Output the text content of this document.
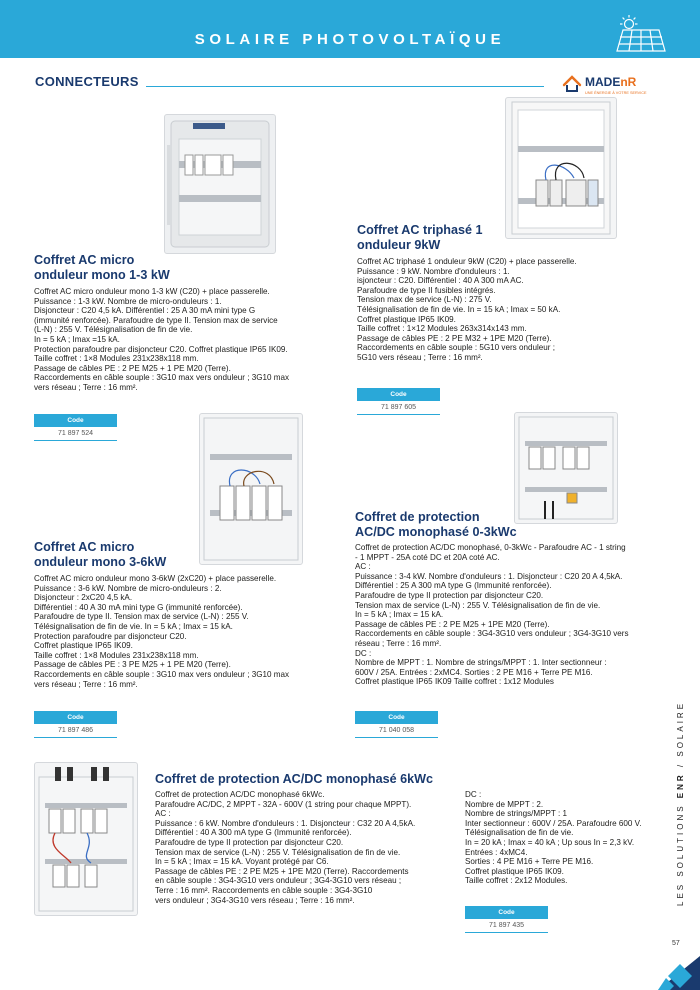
SOLAIRE PHOTOVOLTAÏQUE
CONNECTEURS	MADEnR
UNE ÉNERGIE À VOTRE SERVICE
Coffret AC micro
onduleur mono 1-3 kW
Coffret AC micro onduleur mono 1-3 kW (C20) + place passerelle.
Puissance : 1-3 kW. Nombre de micro-onduleurs : 1.
Disjoncteur : C20 4,5 kA. Différentiel : 25 A 30 mA mini type G
(immunité renforcée). Parafoudre de type II. Tension max de service
(L-N) : 255 V. Télésignalisation de fin de vie.
In = 5 kA ; Imax =15 kA.
Protection parafoudre par disjoncteur C20. Coffret plastique IP65 IK09.
Taille coffret : 1×8 Modules 231x238x118 mm.
Passage de câbles PE : 2 PE M25 + 1 PE M20 (Terre).
Raccordements en câble souple : 3G10 max vers onduleur ; 3G10 max
vers réseau ; Terre : 16 mm².
Code
71 897 524
Coffret AC triphasé 1
onduleur 9kW
Coffret AC triphasé 1 onduleur 9kW (C20) + place passerelle.
Puissance : 9 kW. Nombre d'onduleurs : 1.
isjoncteur : C20. Différentiel : 40 A 300 mA AC.
Parafoudre de type II fusibles intégrés.
Tension max de service (L-N) : 275 V.
Télésignalisation de fin de vie. In = 15 kA ; Imax = 50 kA.
Coffret plastique IP65 IK09.
Taille coffret : 1×12 Modules 263x314x143 mm.
Passage de câbles PE : 2 PE M32 + 1PE M20 (Terre).
Raccordements en câble souple : 5G10 vers onduleur ;
5G10 vers réseau ; Terre : 16 mm².
Code
71 897 605
Coffret AC micro
onduleur mono 3-6kW
Coffret AC micro onduleur mono 3-6kW (2xC20) + place passerelle.
Puissance : 3-6 kW. Nombre de micro-onduleurs : 2.
Disjoncteur : 2xC20 4,5 kA.
Différentiel : 40 A 30 mA mini type G (immunité renforcée).
Parafoudre de type II. Tension max de service (L-N) : 255 V.
Télésignalisation de fin de vie. In = 5 kA ; Imax = 15 kA.
Protection parafoudre par disjoncteur C20.
Coffret plastique IP65 IK09.
Taille coffret : 1×8 Modules 231x238x118 mm.
Passage de câbles PE : 3 PE M25 + 1 PE M20 (Terre).
Raccordements en câble souple : 3G10 max vers onduleur ; 3G10 max
vers réseau ; Terre : 16 mm².
Code
71 897 486
Coffret de protection
AC/DC monophasé 0-3kWc
Coffret de protection AC/DC monophasé, 0-3kWc - Parafoudre AC - 1 string
- 1 MPPT - 25A coté DC et 20A coté AC.
AC :
Puissance : 3-4 kW. Nombre d'onduleurs : 1. Disjoncteur : C20 20 A 4,5kA.
Différentiel : 25 A 300 mA type G (Immunité renforcée).
Parafoudre de type II protection par disjoncteur C20.
Tension max de service (L-N) : 255 V. Télésignalisation de fin de vie.
In = 5 kA ; Imax = 15 kA.
Passage de câbles PE : 2 PE M25 + 1PE M20 (Terre).
Raccordements en câble souple : 3G4-3G10 vers onduleur ; 3G4-3G10 vers
réseau ; Terre : 16 mm².
DC :
Nombre de MPPT : 1. Nombre de strings/MPPT : 1. Inter sectionneur :
600V / 25A. Entrées : 2xMC4. Sorties : 2 PE M16 + Terre PE M16.
Coffret plastique IP65 IK09 Taille coffret : 1x12 Modules
Code
71 040 058
Coffret de protection AC/DC monophasé 6kWc
Coffret de protection AC/DC monophasé 6kWc.
Parafoudre AC/DC, 2 MPPT - 32A - 600V (1 string pour chaque MPPT).
AC :
Puissance : 6 kW. Nombre d'onduleurs : 1. Disjoncteur : C32 20 A 4,5kA.
Différentiel : 40 A 300 mA type G (Immunité renforcée).
Parafoudre de type II protection par disjoncteur C20.
Tension max de service (L-N) : 255 V. Télésignalisation de fin de vie.
In = 5 kA ; Imax = 15 kA. Voyant protégé par C6.
Passage de câbles PE : 2 PE M25 + 1PE M20 (Terre). Raccordements
en câble souple : 3G4-3G10 vers onduleur ; 3G4-3G10 vers réseau ;
Terre : 16 mm². Raccordements en câble souple : 3G4-3G10
vers onduleur ; 3G4-3G10 vers réseau ; Terre : 16 mm².
DC :
Nombre de MPPT : 2.
Nombre de strings/MPPT : 1
Inter sectionneur : 600V / 25A. Parafoudre 600 V.
Télésignalisation de fin de vie.
In = 20 kA ; Imax = 40 kA ; Up sous In = 2,3 kV.
Entrées : 4xMC4.
Sorties : 4 PE M16 + Terre PE M16.
Coffret plastique IP65 IK09.
Taille coffret : 2x12 Modules.
Code
71 897 435
LES SOLUTIONS ENR / SOLAIRE
57
